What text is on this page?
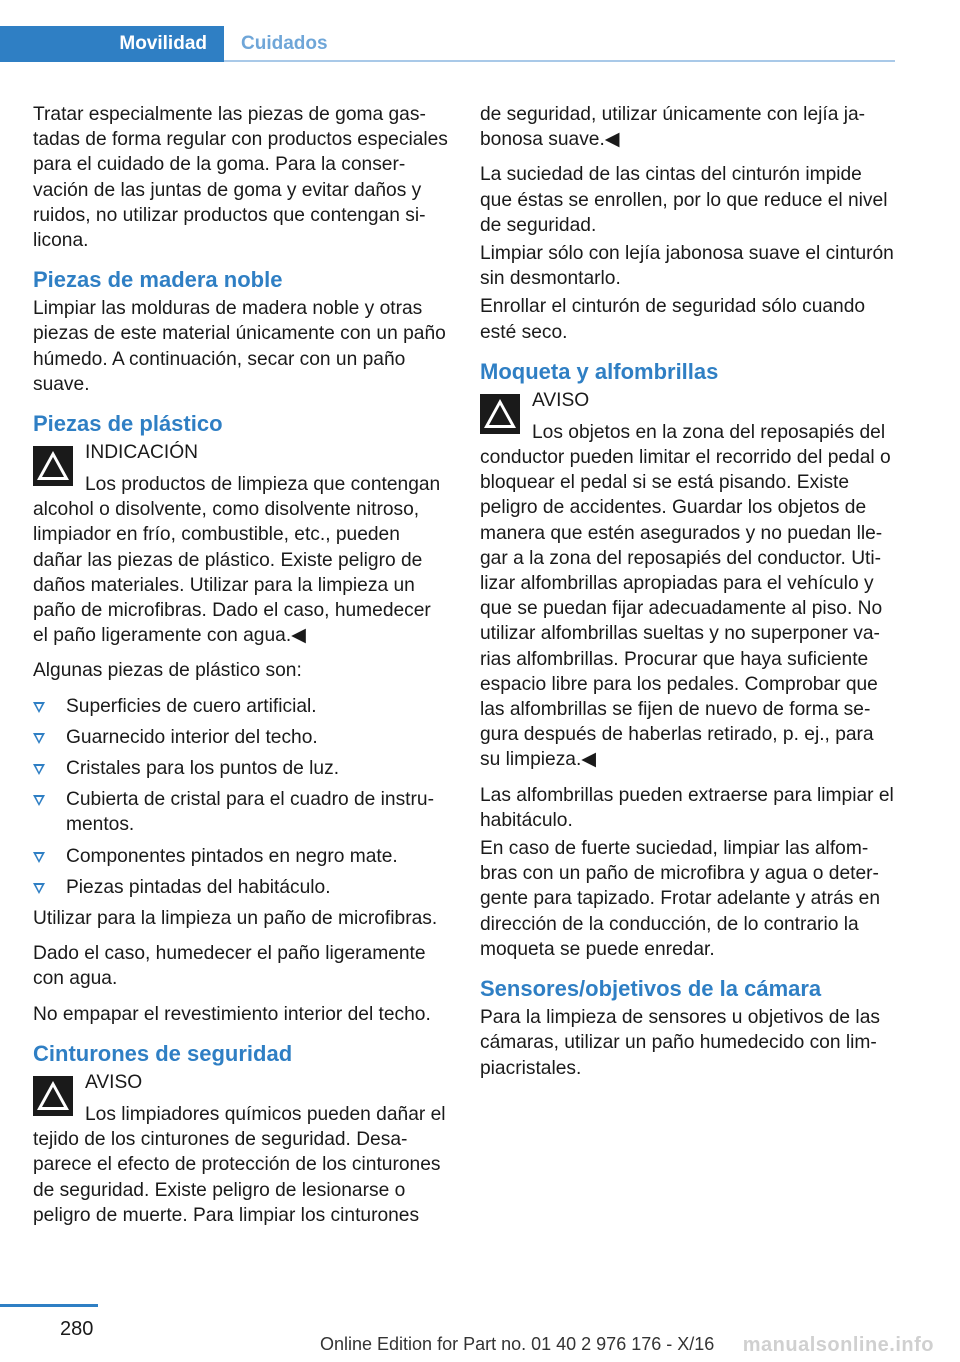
Movilidad	Cuidados

Tratar especialmente las piezas de goma gastadas de forma regular con productos especiales para el cuidado de la goma. Para la conservación de las juntas de goma y evitar daños y ruidos, no utilizar productos que contengan silicona.

Piezas de madera noble

Limpiar las molduras de madera noble y otras piezas de este material únicamente con un paño húmedo. A continuación, secar con un paño suave.

Piezas de plástico
INDICACIÓN
Los productos de limpieza que contengan alcohol o disolvente, como disolvente nitroso, limpiador en frío, combustible, etc., pueden dañar las piezas de plástico. Existe peligro de daños materiales. Utilizar para la limpieza un paño de microfibras. Dado el caso, humedecer el paño ligeramente con agua.◀

Algunas piezas de plástico son:

Superficies de cuero artificial.
Guarnecido interior del techo.
Cristales para los puntos de luz.
Cubierta de cristal para el cuadro de instrumentos.
Componentes pintados en negro mate.
Piezas pintadas del habitáculo.

Utilizar para la limpieza un paño de microfibras.

Dado el caso, humedecer el paño ligeramente con agua.

No empapar el revestimiento interior del techo.

Cinturones de seguridad
AVISO
Los limpiadores químicos pueden dañar el tejido de los cinturones de seguridad. Desaparece el efecto de protección de los cinturones de seguridad. Existe peligro de lesionarse o peligro de muerte. Para limpiar los cinturones

de seguridad, utilizar únicamente con lejía jabonosa suave.◀

La suciedad de las cintas del cinturón impide que éstas se enrollen, por lo que reduce el nivel de seguridad.

Limpiar sólo con lejía jabonosa suave el cinturón sin desmontarlo.

Enrollar el cinturón de seguridad sólo cuando esté seco.

Moqueta y alfombrillas
AVISO
Los objetos en la zona del reposapiés del conductor pueden limitar el recorrido del pedal o bloquear el pedal si se está pisando. Existe peligro de accidentes. Guardar los objetos de manera que estén asegurados y no puedan llegar a la zona del reposapiés del conductor. Utilizar alfombrillas apropiadas para el vehículo y que se puedan fijar adecuadamente al piso. No utilizar alfombrillas sueltas y no superponer varias alfombrillas. Procurar que haya suficiente espacio libre para los pedales. Comprobar que las alfombrillas se fijen de nuevo de forma segura después de haberlas retirado, p. ej., para su limpieza.◀

Las alfombrillas pueden extraerse para limpiar el habitáculo.

En caso de fuerte suciedad, limpiar las alfombras con un paño de microfibra y agua o detergente para tapizado. Frotar adelante y atrás en dirección de la conducción, de lo contrario la moqueta se puede enredar.

Sensores/objetivos de la cámara

Para la limpieza de sensores u objetivos de las cámaras, utilizar un paño humedecido con limpiacristales.

280
Online Edition for Part no. 01 40 2 976 176 - X/16 manualsonline.info
